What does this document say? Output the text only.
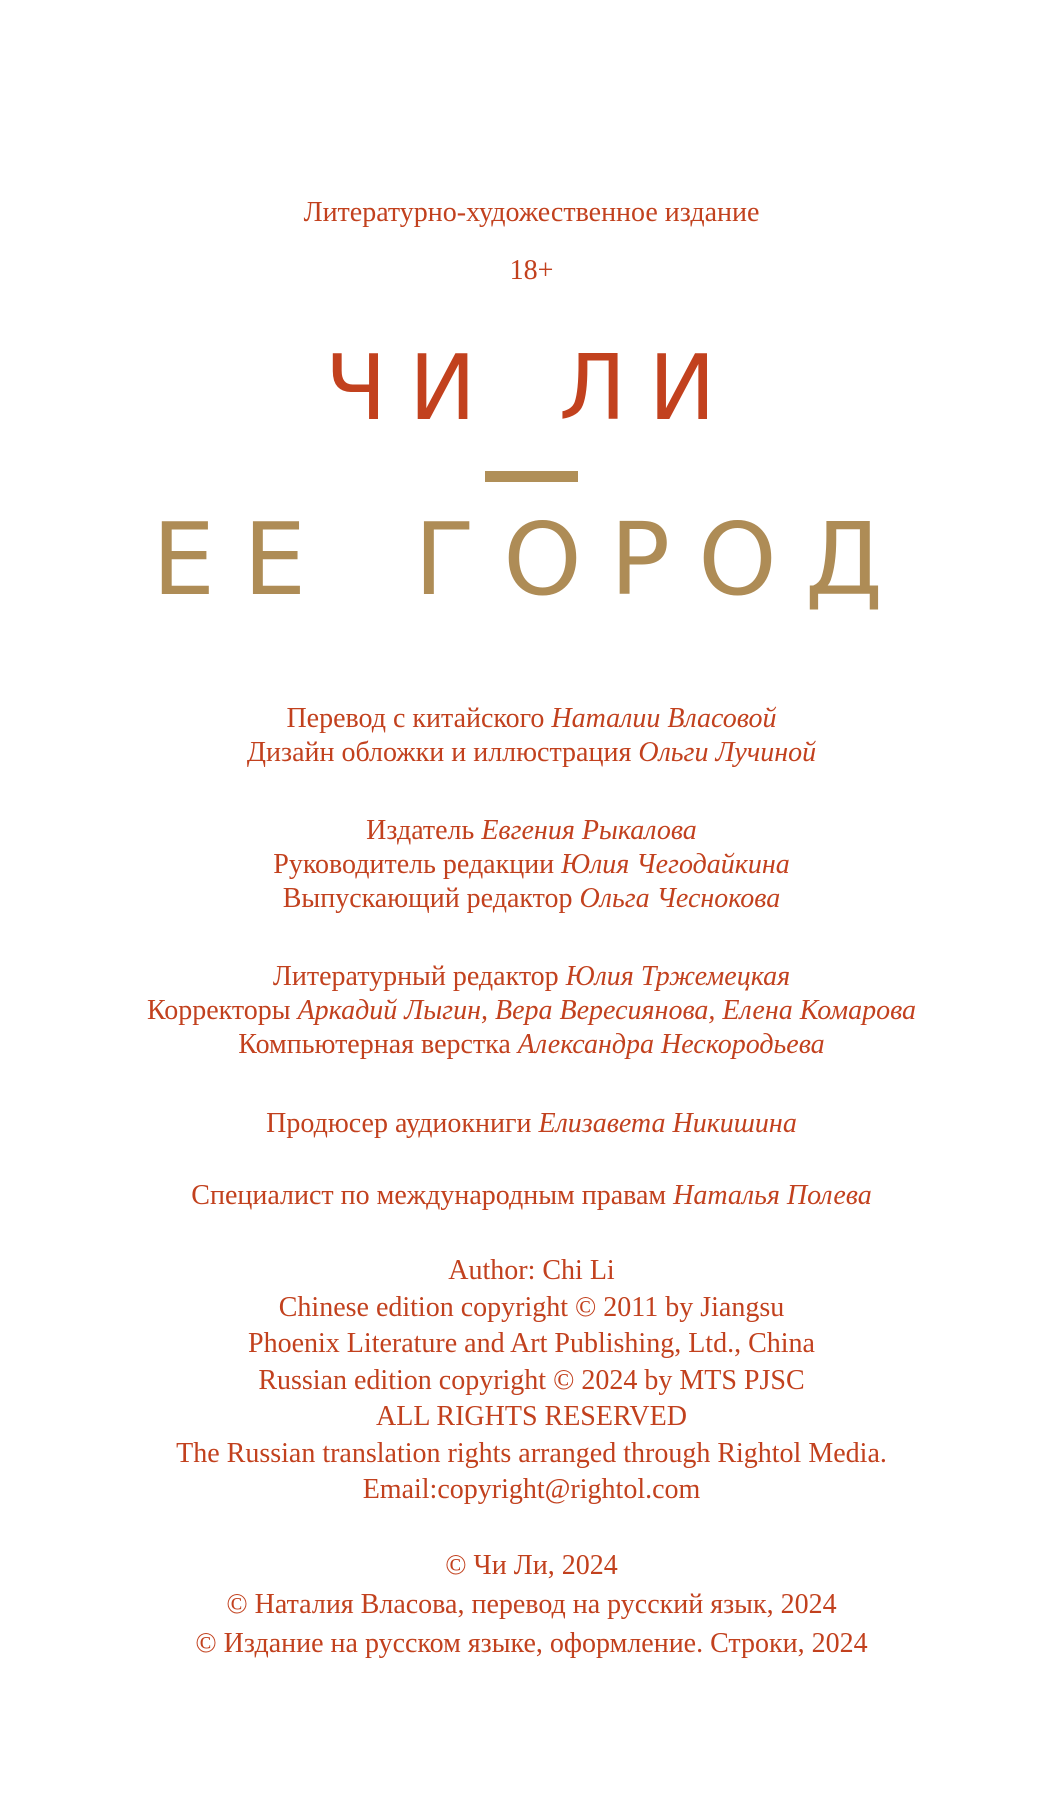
Литературно-художественное издание
18+
ЧИ ЛИ
ЕЕ ГОРОД
Перевод с китайского Наталии Власовой
Дизайн обложки и иллюстрация Ольги Лучиной
Издатель Евгения Рыкалова
Руководитель редакции Юлия Чегодайкина
Выпускающий редактор Ольга Чеснокова
Литературный редактор Юлия Тржемецкая
Корректоры Аркадий Лыгин, Вера Вересиянова, Елена Комарова
Компьютерная верстка Александра Нескородьева
Продюсер аудиокниги Елизавета Никишина
Специалист по международным правам Наталья Полева
Author: Chi Li
Chinese edition copyright © 2011 by Jiangsu
Phoenix Literature and Art Publishing, Ltd., China
Russian edition copyright © 2024 by MTS PJSC
ALL RIGHTS RESERVED
The Russian translation rights arranged through Rightol Media.
Email:copyright@rightol.com
© Чи Ли, 2024
© Наталия Власова, перевод на русский язык, 2024
© Издание на русском языке, оформление. Строки, 2024
